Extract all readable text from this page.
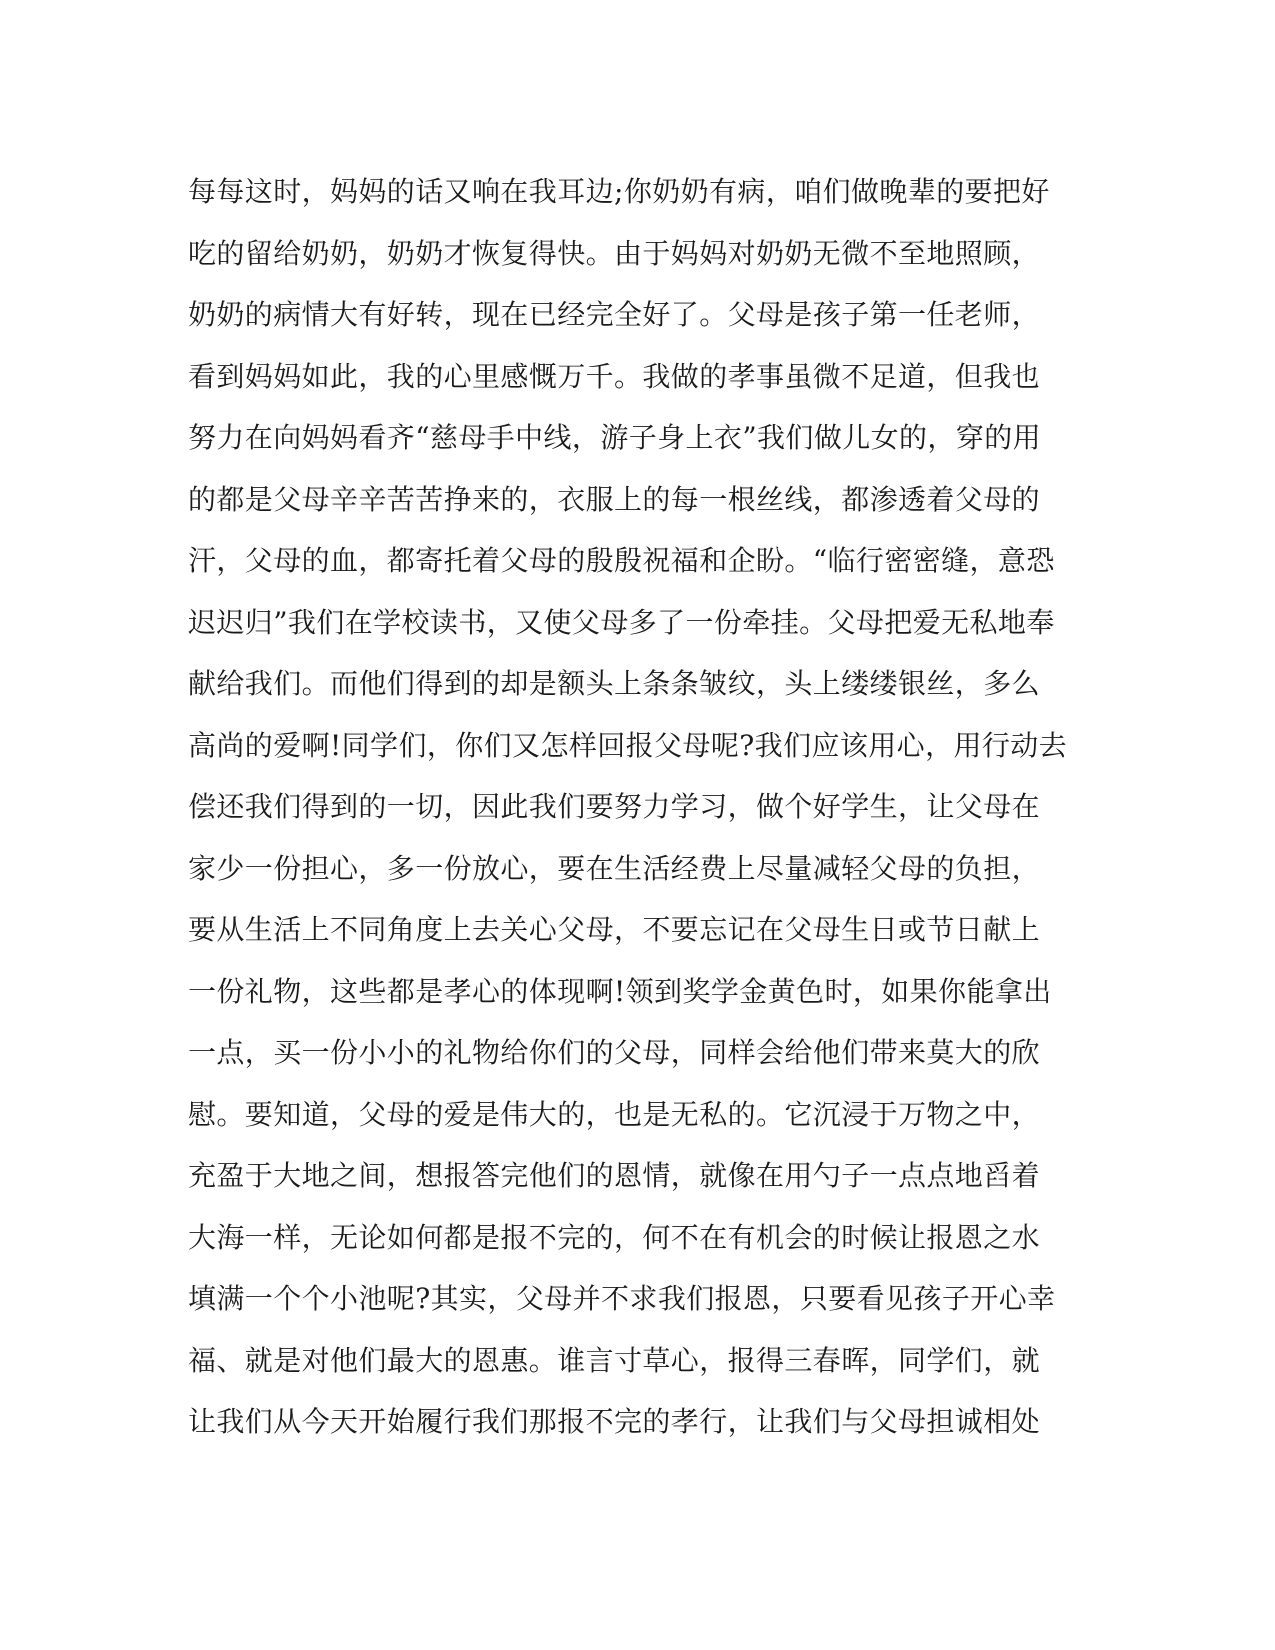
每每这时，妈妈的话又响在我耳边;你奶奶有病，咱们做晚辈的要把好
吃的留给奶奶，奶奶才恢复得快。由于妈妈对奶奶无微不至地照顾，
奶奶的病情大有好转，现在已经完全好了。父母是孩子第一任老师，
看到妈妈如此，我的心里感慨万千。我做的孝事虽微不足道，但我也
努力在向妈妈看齐“慈母手中线，游子身上衣”我们做儿女的，穿的用
的都是父母辛辛苦苦挣来的，衣服上的每一根丝线，都渗透着父母的
汗，父母的血，都寄托着父母的殷殷祝福和企盼。“临行密密缝，意恐
迟迟归”我们在学校读书，又使父母多了一份牵挂。父母把爱无私地奉
献给我们。而他们得到的却是额头上条条皱纹，头上缕缕银丝，多么
高尚的爱啊!同学们，你们又怎样回报父母呢?我们应该用心，用行动去
偿还我们得到的一切，因此我们要努力学习，做个好学生，让父母在
家少一份担心，多一份放心，要在生活经费上尽量减轻父母的负担，
要从生活上不同角度上去关心父母，不要忘记在父母生日或节日献上
一份礼物，这些都是孝心的体现啊!领到奖学金黄色时，如果你能拿出
一点，买一份小小的礼物给你们的父母，同样会给他们带来莫大的欣
慰。要知道，父母的爱是伟大的，也是无私的。它沉浸于万物之中，
充盈于大地之间，想报答完他们的恩情，就像在用勺子一点点地舀着
大海一样，无论如何都是报不完的，何不在有机会的时候让报恩之水
填满一个个小池呢?其实，父母并不求我们报恩，只要看见孩子开心幸
福、就是对他们最大的恩惠。谁言寸草心，报得三春晖，同学们，就
让我们从今天开始履行我们那报不完的孝行，让我们与父母担诚相处
